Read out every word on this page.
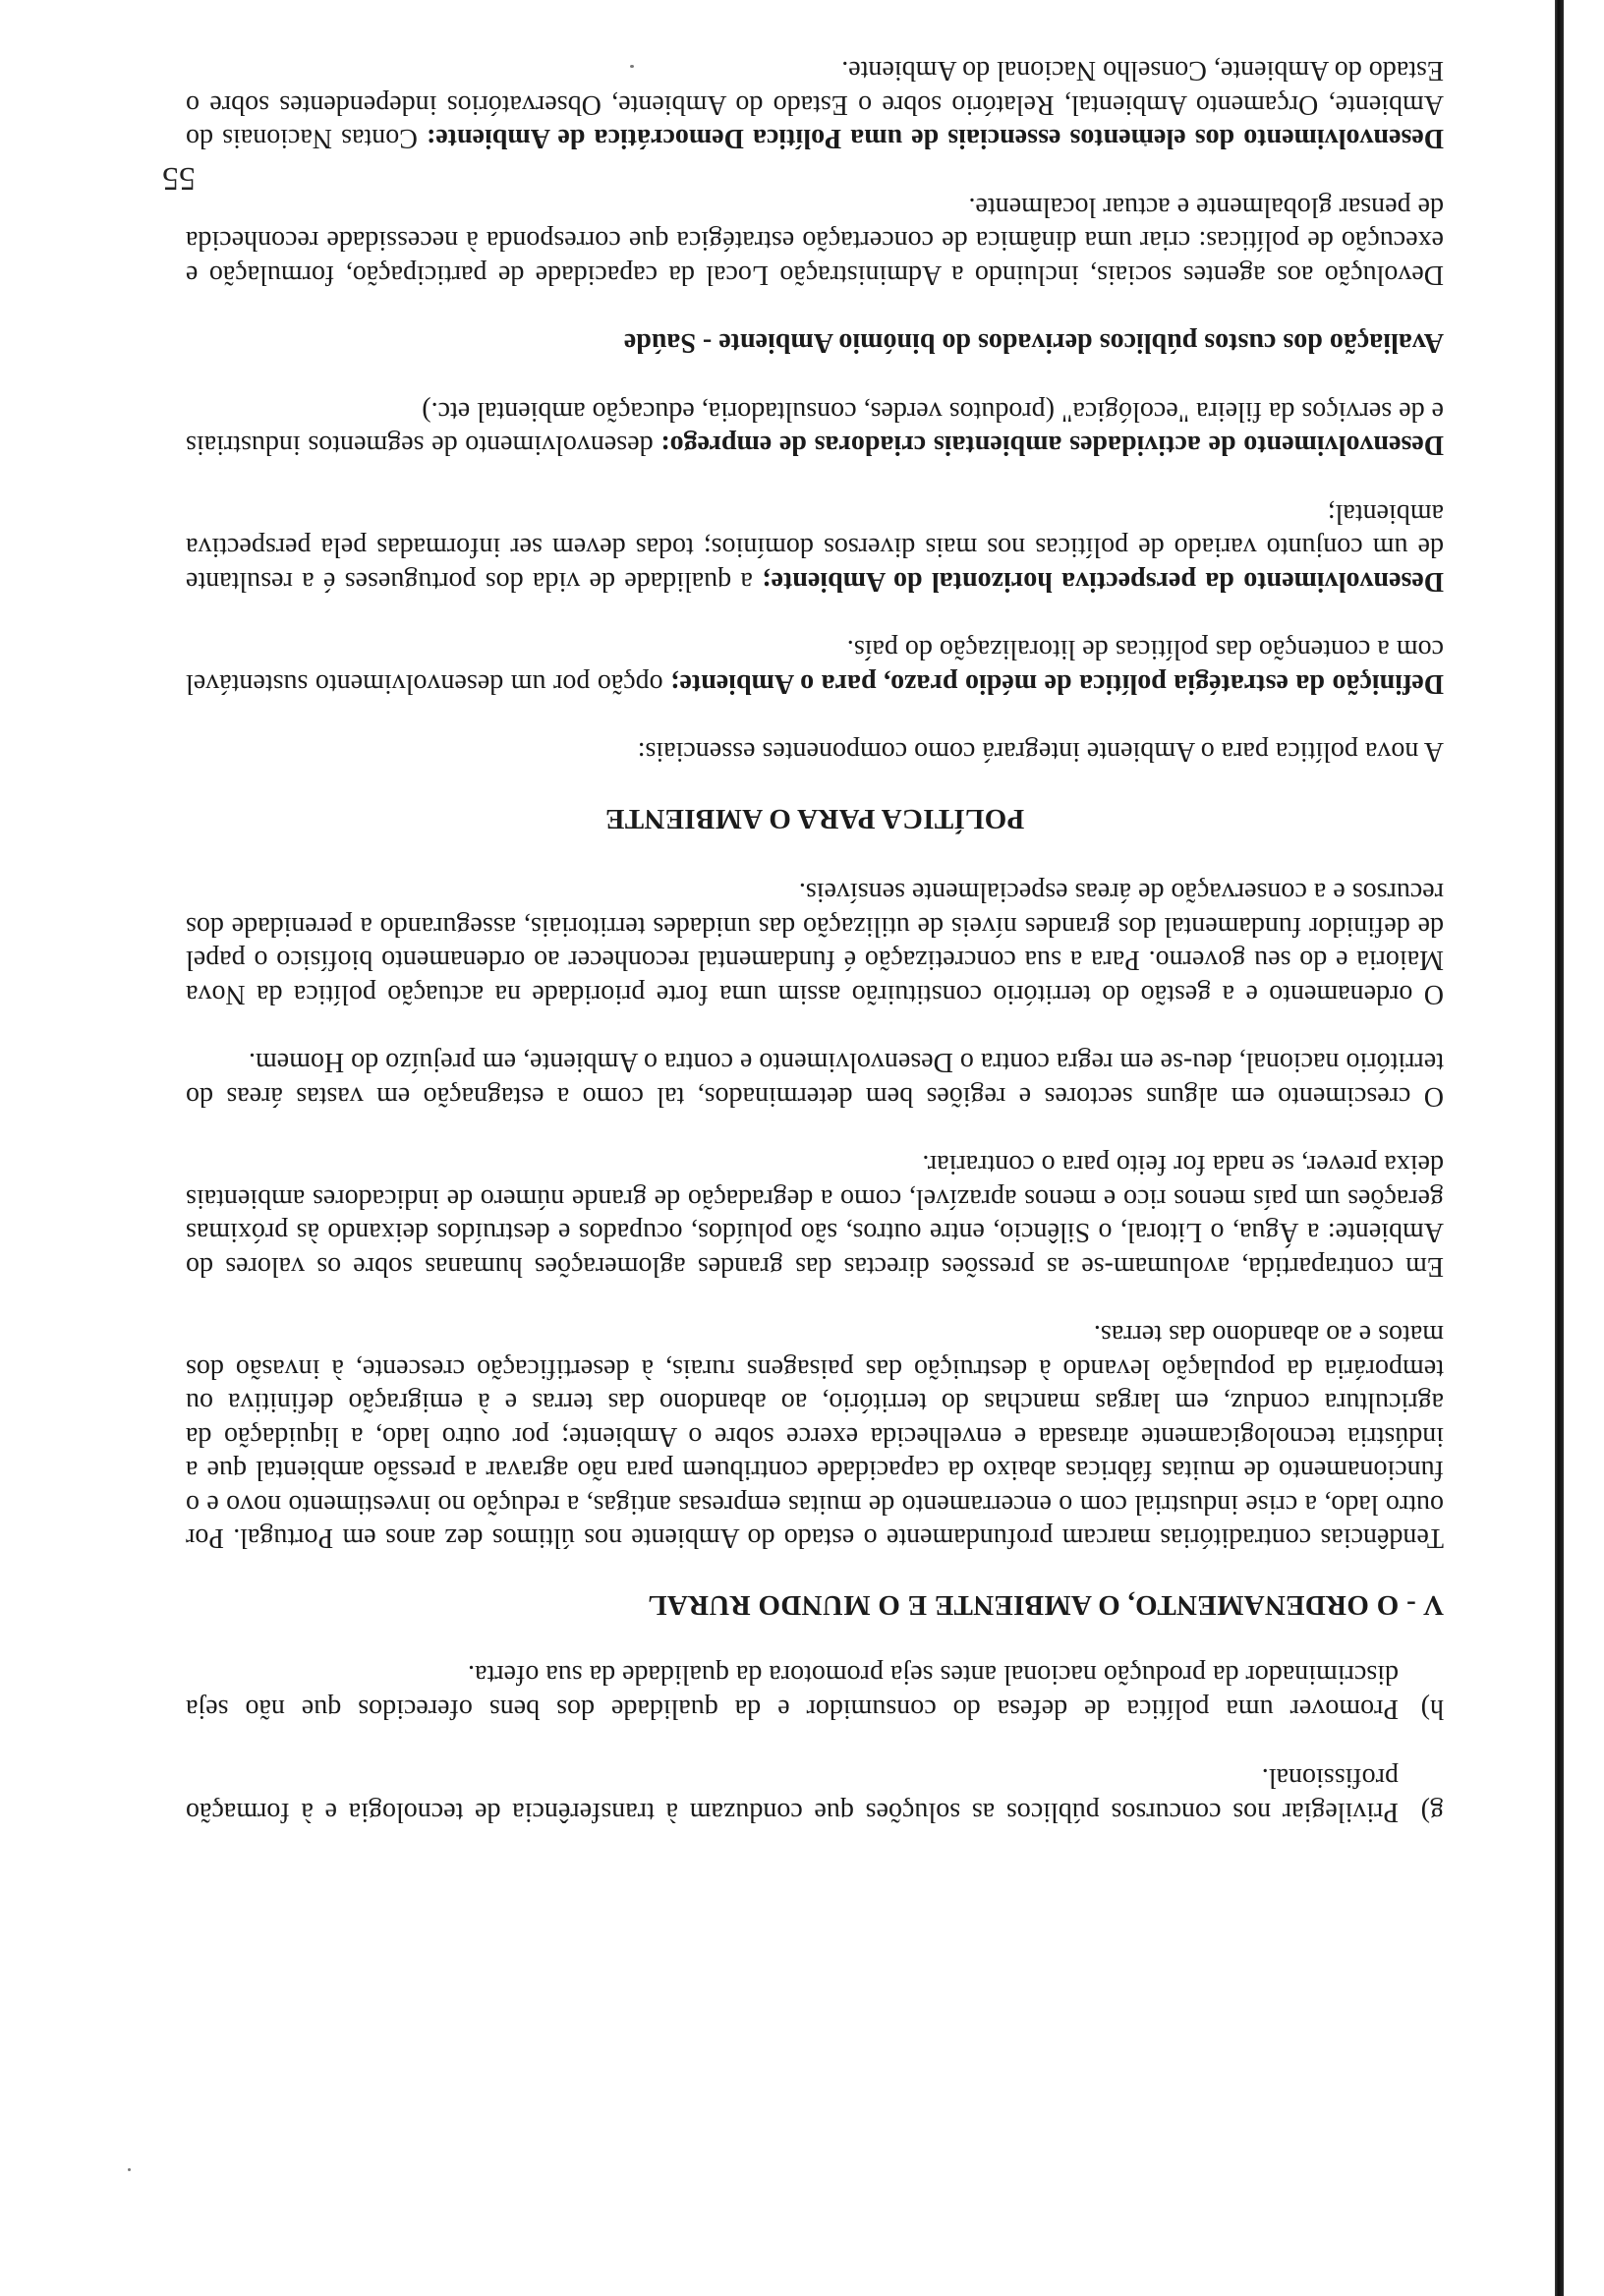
g)Privilegiar nos concursos públicos as soluções que conduzam à transferência de tecnologia e à formação profissional.
h)Promover uma política de defesa do consumidor e da qualidade dos bens oferecidos que não seja discriminador da produção nacional antes seja promotora da qualidade da sua oferta.
V - O ORDENAMENTO, O AMBIENTE E O MUNDO RURAL

Tendências contraditórias marcam profundamente o estado do Ambiente nos últimos dez anos em Portugal. Por outro lado, a crise industrial com o encerramento de muitas empresas antigas, a redução no investimento novo e o funcionamento de muitas fábricas abaixo da capacidade contribuem para não agravar a pressão ambiental que a indústria tecnologicamente atrasada e envelhecida exerce sobre o Ambiente; por outro lado, a liquidação da agricultura conduz, em largas manchas do território, ao abandono das terras e à emigração definitiva ou temporária da população levando à destruição das paisagens rurais, à desertificação crescente, à invasão dos matos e ao abandono das terras.

Em contrapartida, avolumam-se as pressões directas das grandes aglomerações humanas sobre os valores do Ambiente: a Água, o Litoral, o Silêncio, entre outros, são poluídos, ocupados e destruídos deixando às próximas gerações um país menos rico e menos aprazível, como a degradação de grande número de indicadores ambientais deixa prever, se nada for feito para o contrariar.

O crescimento em alguns sectores e regiões bem determinados, tal como a estagnação em vastas áreas do território nacional, deu-se em regra contra o Desenvolvimento e contra o Ambiente, em prejuízo do Homem.

O ordenamento e a gestão do território constituirão assim uma forte prioridade na actuação política da Nova Maioria e do seu governo. Para a sua concretização é fundamental reconhecer ao ordenamento biofísico o papel de definidor fundamental dos grandes níveis de utilização das unidades territoriais, assegurando a perenidade dos recursos e a conservação de áreas especialmente sensíveis.

POLÍTICA PARA O AMBIENTE

A nova política para o Ambiente integrará como componentes essenciais:

Definição da estratégia política de médio prazo, para o Ambiente; opção por um desenvolvimento sustentável com a contenção das políticas de litoralização do país.

Desenvolvimento da perspectiva horizontal do Ambiente; a qualidade de vida dos portugueses é a resultante de um conjunto variado de políticas nos mais diversos domínios; todas devem ser informadas pela perspectiva ambiental;

Desenvolvimento de actividades ambientais criadoras de emprego: desenvolvimento de segmentos industriais e de serviços da fileira "ecológica" (produtos verdes, consultadoria, educação ambiental etc.)

Avaliação dos custos públicos derivados do binómio Ambiente - Saúde

Devolução aos agentes sociais, incluindo a Administração Local da capacidade de participação, formulação e execução de políticas: criar uma dinâmica de concertação estratégica que corresponda à necessidade reconhecida de pensar globalmente e actuar localmente.

Desenvolvimento dos elementos essenciais de uma Política Democrática de Ambiente: Contas Nacionais do Ambiente, Orçamento Ambiental, Relatório sobre o Estado do Ambiente, Observatórios independentes sobre o Estado do Ambiente, Conselho Nacional do Ambiente.

55
